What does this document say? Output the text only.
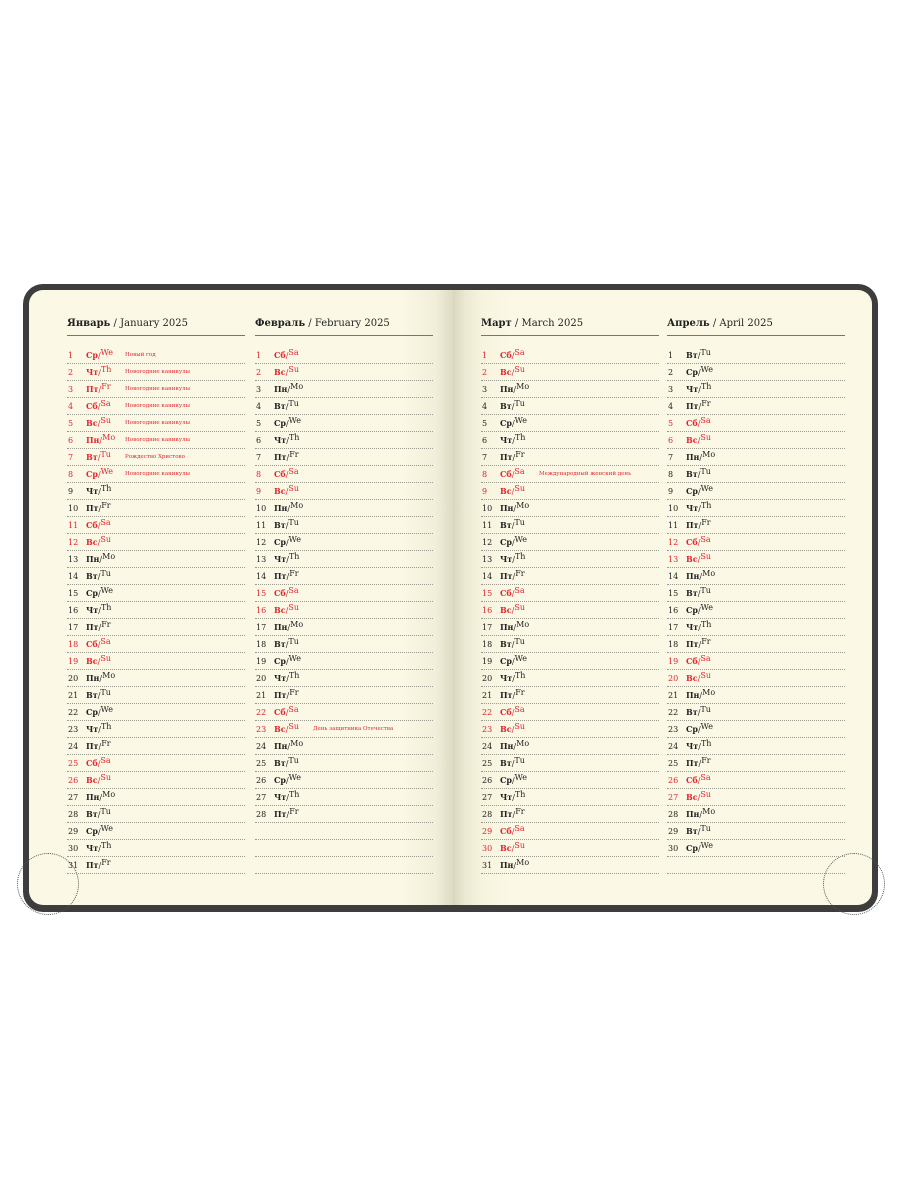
Январь / January 2025
1 Ср/ We Новый год
2 Чт/ Th Новогодние каникулы
3 Пт/ Fr	Новогодние каникулы
4 Сб/ Sa	Новогодние каникулы
5 Вс/ Su	Новогодние каникулы
6 Пн/ Mo Новогодние каникулы
7 Вт/ Tu	Рождество Христово
8 Ср/ We Новогодние каникулы
9 Чт/ Th
10 Пт/ Fr
11 Сб/ Sa
12 Вс/ Su
13 Пн/ Mo
14 Вт/ Tu
15 Ср/ We
16 Чт/ Th
17 Пт/ Fr
18 Сб/ Sa
19 Вс/ Su
20 Пн/ Mo
21 Вт/ Tu
22 Ср/ We
23 Чт/ Th
24 Пт/ Fr
25 Сб/ Sa
26 Вс/ Su
27 Пн/ Mo
28 Вт/ Tu
29 Ср/ We
30 Чт/ Th
31 Пт/ Fr
Февраль / February 2025
1 Сб/ Sa
2 Вс/ Su
3 Пн/ Mo
4 Вт/ Tu
5 Ср/ We
6 Чт/ Th
7 Пт/ Fr
8 Сб/ Sa
9 Вс/ Su
10 Пн/ Mo
11 Вт/ Tu
12 Ср/ We
13 Чт/ Th
14 Пт/ Fr
15 Сб/ Sa
16 Вс/ Su
17 Пн/ Mo
18 Вт/ Tu
19 Ср/ We
20 Чт/ Th
21 Пт/ Fr
22 Сб/ Sa
23 Вс/ Su	День защитника Отечества
24 Пн/ Mo
25 Вт/ Tu
26 Ср/ We
27 Чт/ Th
28 Пт/ Fr
Март / March 2025
1 Сб/ Sa
2 Вс/ Su
3 Пн/ Mo
4 Вт/ Tu
5 Ср/ We
6 Чт/ Th
7 Пт/ Fr
8 Сб/ Sa	Международный женский день
9 Вс/ Su
10 Пн/ Mo
11 Вт/ Tu
12 Ср/ We
13 Чт/ Th
14 Пт/ Fr
15 Сб/ Sa
16 Вс/ Su
17 Пн/ Mo
18 Вт/ Tu
19 Ср/ We
20 Чт/ Th
21 Пт/ Fr
22 Сб/ Sa
23 Вс/ Su
24 Пн/ Mo
25 Вт/ Tu
26 Ср/ We
27 Чт/ Th
28 Пт/ Fr
29 Сб/ Sa
30 Вс/ Su
31 Пн/ Mo
Апрель / April 2025
1 Вт/ Tu
2 Ср/ We
3 Чт/ Th
4 Пт/ Fr
5 Сб/ Sa
6 Вс/ Su
7 Пн/ Mo
8 Вт/ Tu
9 Ср/ We
10 Чт/ Th
11 Пт/ Fr
12 Сб/ Sa
13 Вс/ Su
14 Пн/ Mo
15 Вт/ Tu
16 Ср/ We
17 Чт/ Th
18 Пт/ Fr
19 Сб/ Sa
20 Вс/ Su
21 Пн/ Mo
22 Вт/ Tu
23 Ср/ We
24 Чт/ Th
25 Пт/ Fr
26 Сб/ Sa
27 Вс/ Su
28 Пн/ Mo
29 Вт/ Tu
30 Ср/ We
